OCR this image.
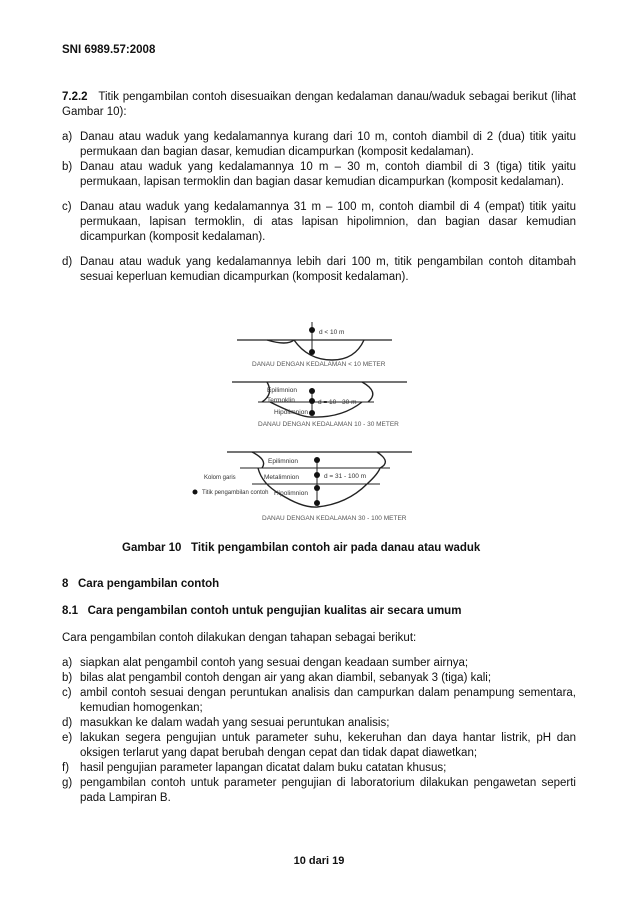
SNI 6989.57:2008

7.2.2 Titik pengambilan contoh disesuaikan dengan kedalaman danau/waduk sebagai berikut (lihat Gambar 10):

a) Danau atau waduk yang kedalamannya kurang dari 10 m, contoh diambil di 2 (dua) titik yaitu permukaan dan bagian dasar, kemudian dicampurkan (komposit kedalaman).
b) Danau atau waduk yang kedalamannya 10 m – 30 m, contoh diambil di 3 (tiga) titik yaitu permukaan, lapisan termoklin dan bagian dasar kemudian dicampurkan (komposit kedalaman).
c) Danau atau waduk yang kedalamannya 31 m – 100 m, contoh diambil di 4 (empat) titik yaitu permukaan, lapisan termoklin, di atas lapisan hipolimnion, dan bagian dasar kemudian dicampurkan (komposit kedalaman).
d) Danau atau waduk yang kedalamannya lebih dari 100 m, titik pengambilan contoh ditambah sesuai keperluan kemudian dicampurkan (komposit kedalaman).
d < 10 m
DANAU DENGAN KEDALAMAN < 10 METER
Epilimnion
Termoklin
Hipolimnion
d = 10 - 30 m
DANAU DENGAN KEDALAMAN 10 - 30 METER
Epilimnion
Metalimnion
Hipolimnion
d = 31 - 100 m
Kolom garis
Titik pengambilan contoh
DANAU DENGAN KEDALAMAN 30 - 100 METER
Gambar 10 Titik pengambilan contoh air pada danau atau waduk

8 Cara pengambilan contoh

8.1 Cara pengambilan contoh untuk pengujian kualitas air secara umum

Cara pengambilan contoh dilakukan dengan tahapan sebagai berikut:

a) siapkan alat pengambil contoh yang sesuai dengan keadaan sumber airnya;
b) bilas alat pengambil contoh dengan air yang akan diambil, sebanyak 3 (tiga) kali;
c) ambil contoh sesuai dengan peruntukan analisis dan campurkan dalam penampung sementara, kemudian homogenkan;
d) masukkan ke dalam wadah yang sesuai peruntukan analisis;
e) lakukan segera pengujian untuk parameter suhu, kekeruhan dan daya hantar listrik, pH dan oksigen terlarut yang dapat berubah dengan cepat dan tidak dapat diawetkan;
f) hasil pengujian parameter lapangan dicatat dalam buku catatan khusus;
g) pengambilan contoh untuk parameter pengujian di laboratorium dilakukan pengawetan seperti pada Lampiran B.
10 dari 19
